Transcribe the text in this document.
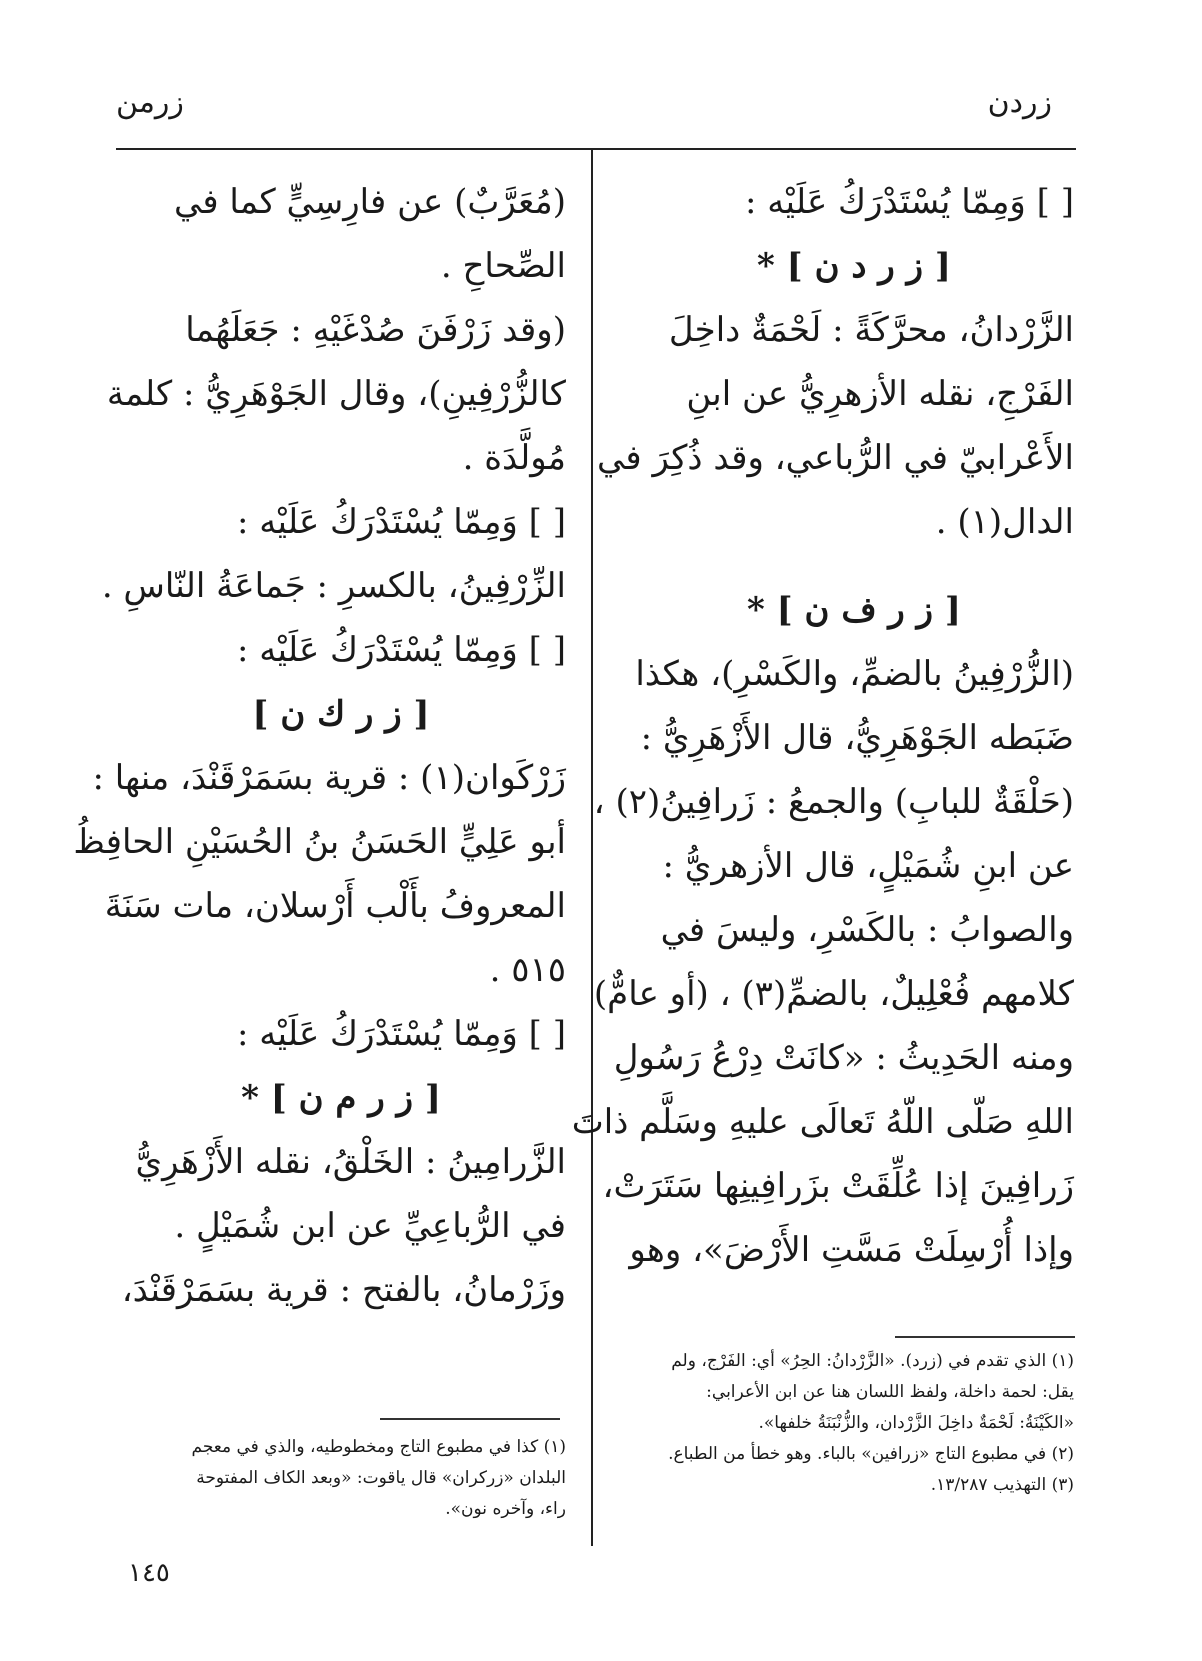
زردن
زرمن
[ ] وَمِمّا يُسْتَدْرَكُ عَلَيْه :
[ ز ر د ن ] *
الزَّرْدانُ، محرَّكَةً : لَحْمَةٌ داخِلَ
الفَرْجِ، نقله الأزهرِيُّ عن ابنِ
الأَعْرابيّ في الرُّباعي، وقد ذُكِرَ في
الدال(١) .
[ ز ر ف ن ] *
(الزُّرْفِينُ بالضمِّ، والكَسْرِ)، هكذا
ضَبَطه الجَوْهَرِيُّ، قال الأَزْهَرِيُّ :
(حَلْقَةٌ للبابِ) والجمعُ : زَرافِينُ(٢) ،
عن ابنِ شُمَيْلٍ، قال الأزهريُّ :
والصوابُ : بالكَسْرِ، وليسَ في
كلامهم فُعْلِيلٌ، بالضمِّ(٣) ، (أو عامٌّ)
ومنه الحَدِيثُ : «كانَتْ دِرْعُ رَسُولِ
اللهِ صَلّى اللّهُ تَعالَى عليهِ وسَلَّم ذاتَ
زَرافِينَ إذا عُلِّقَتْ بزَرافِينِها سَتَرَتْ،
وإذا أُرْسِلَتْ مَسَّتِ الأَرْضَ»، وهو
(مُعَرَّبٌ) عن فارِسِيٍّ كما في
الصِّحاحِ .
(وقد زَرْفَنَ صُدْغَيْهِ : جَعَلَهُما
كالزُّرْفِينِ)، وقال الجَوْهَرِيُّ : كلمة
مُولَّدَة .
[ ] وَمِمّا يُسْتَدْرَكُ عَلَيْه :
الزِّرْفِينُ، بالكسرِ : جَماعَةُ النّاسِ .
[ ] وَمِمّا يُسْتَدْرَكُ عَلَيْه :
[ ز ر ك ن ]
زَرْكَوان(١) : قرية بسَمَرْقَنْدَ، منها :
أبو عَلِيٍّ الحَسَنُ بنُ الحُسَيْنِ الحافِظُ
المعروفُ بأَلْب أَرْسلان، مات سَنَةَ
٥١٥ .
[ ] وَمِمّا يُسْتَدْرَكُ عَلَيْه :
[ ز ر م ن ] *
الزَّرامِينُ : الخَلْقُ، نقله الأَزْهَرِيُّ
في الرُّباعِيِّ عن ابن شُمَيْلٍ .
وزَرْمانُ، بالفتح : قرية بسَمَرْقَنْدَ،
(١) الذي تقدم في (زرد). «الزَّرْدانُ: الحِرُ» أي: الفَرْج، ولم
يقل: لحمة داخلة، ولفظ اللسان هنا عن ابن الأعرابي:
«الكَيْنَةُ: لَحْمَةٌ داخِلَ الزَّرْدان، والزُّنْبَنَةُ خلفها».
(٢) في مطبوع التاج «زرافين» بالباء. وهو خطأ من الطباع.
(٣) التهذيب ١٣/٢٨٧.
(١) كذا في مطبوع التاج ومخطوطيه، والذي في معجم
البلدان «زركران» قال ياقوت: «وبعد الكاف المفتوحة
راء، وآخره نون».
١٤٥
